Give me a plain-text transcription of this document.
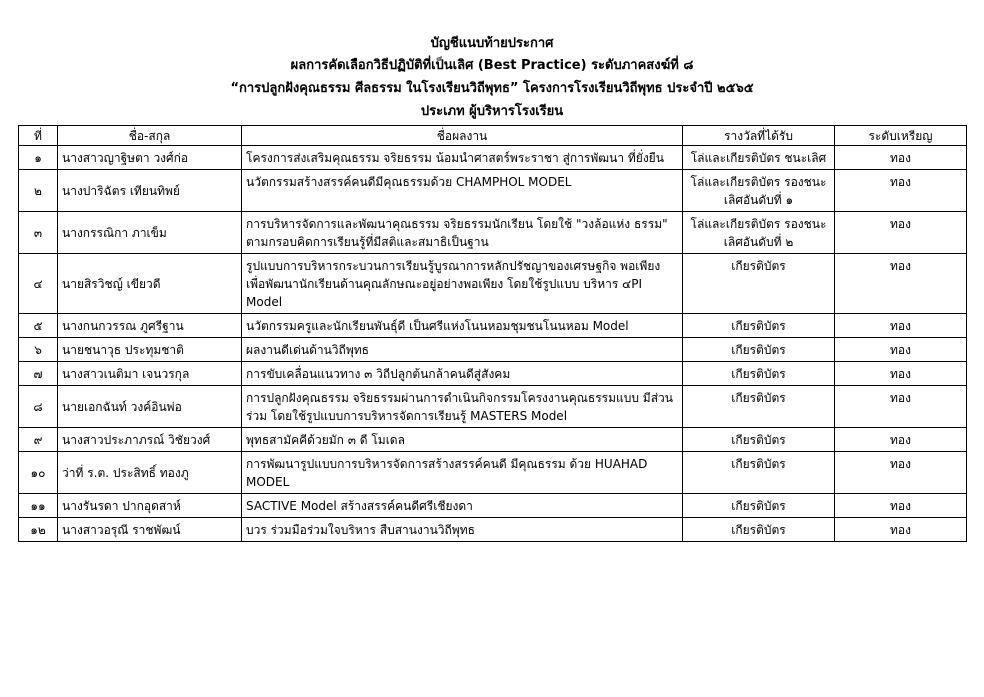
บัญชีแนบท้ายประกาศ
ผลการคัดเลือกวิธีปฏิบัติที่เป็นเลิศ (Best Practice) ระดับภาคสงฆ์ที่ ๘
“การปลูกฝังคุณธรรม ศีลธรรม ในโรงเรียนวิถีพุทธ” โครงการโรงเรียนวิถีพุทธ ประจำปี ๒๕๖๕
ประเภท ผู้บริหารโรงเรียน
ที่	ชื่อ-สกุล	ชื่อผลงาน	รางวัลที่ได้รับ	ระดับเหรียญ
๑	นางสาวญาฐิษตา วงศ์ก่อ	โครงการส่งเสริมคุณธรรม จริยธรรม น้อมนำศาสตร์พระราชา สู่การพัฒนา ที่ยั่งยืน	โล่และเกียรติบัตร ชนะเลิศ	ทอง
๒	นางปาริฉัตร เทียนทิพย์	นวัตกรรมสร้างสรรค์คนดีมีคุณธรรมด้วย CHAMPHOL MODEL	โล่และเกียรติบัตร รองชนะเลิศอันดับที่ ๑	ทอง
๓	นางกรรณิกา ภาเข็ม	การบริหารจัดการและพัฒนาคุณธรรม จริยธรรมนักเรียน โดยใช้ "วงล้อแห่ง ธรรม" ตามกรอบคิดการเรียนรู้ที่มีสติและสมาธิเป็นฐาน	โล่และเกียรติบัตร รองชนะเลิศอันดับที่ ๒	ทอง
๔	นายสิรวิชญ์ เขียวดี	รูปแบบการบริหารกระบวนการเรียนรู้บูรณาการหลักปรัชญาของเศรษฐกิจ พอเพียงเพื่อพัฒนานักเรียนด้านคุณลักษณะอยู่อย่างพอเพียง โดยใช้รูปแบบ บริหาร ๔PI Model	เกียรติบัตร	ทอง
๕	นางกนกวรรณ ภูศรีฐาน	นวัตกรรมครูและนักเรียนพันธุ์ดี เป็นศรีแห่งโนนหอมชุมชนโนนหอม Model	เกียรติบัตร	ทอง
๖	นายชนาวุธ ประทุมชาติ	ผลงานดีเด่นด้านวิถีพุทธ	เกียรติบัตร	ทอง
๗	นางสาวเนติมา เจนวรกุล	การขับเคลื่อนแนวทาง ๓ วิถีปลูกต้นกล้าคนดีสู่สังคม	เกียรติบัตร	ทอง
๘	นายเอกฉันท์ วงค์อินพ่อ	การปลูกฝังคุณธรรม จริยธรรมผ่านการดำเนินกิจกรรมโครงงานคุณธรรมแบบ มีส่วนร่วม โดยใช้รูปแบบการบริหารจัดการเรียนรู้ MASTERS Model	เกียรติบัตร	ทอง
๙	นางสาวประภาภรณ์ วิชัยวงศ์	พุทธสามัคคีด้วยมัก ๓ ดี โมเดล	เกียรติบัตร	ทอง
๑๐	ว่าที่ ร.ต. ประสิทธิ์ ทองภู	การพัฒนารูปแบบการบริหารจัดการสร้างสรรค์คนดี มีคุณธรรม ด้วย HUAHAD MODEL	เกียรติบัตร	ทอง
๑๑	นางรันรดา ปากอุดสาห์	SACTIVE Model สร้างสรรค์คนดีศรีเชียงดา	เกียรติบัตร	ทอง
๑๒	นางสาวอรุณี ราชพัฒน์	บวร ร่วมมือร่วมใจบริหาร สืบสานงานวิถีพุทธ	เกียรติบัตร	ทอง
